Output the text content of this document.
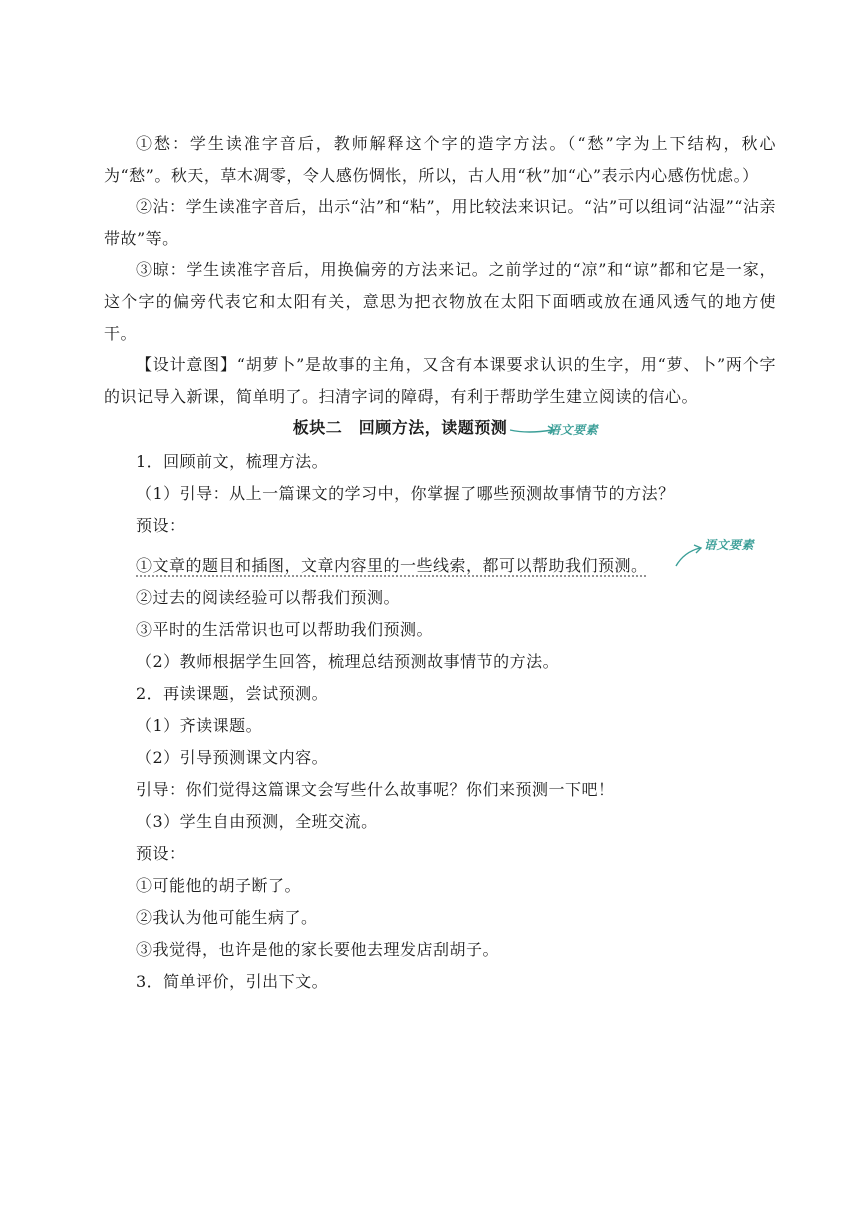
①愁：学生读准字音后，教师解释这个字的造字方法。（“愁”字为上下结构，秋心为“愁”。秋天，草木凋零，令人感伤惆怅，所以，古人用“秋”加“心”表示内心感伤忧虑。）

②沾：学生读准字音后，出示“沾”和“粘”，用比较法来识记。“沾”可以组词“沾湿”“沾亲带故”等。

③晾：学生读准字音后，用换偏旁的方法来记。之前学过的“凉”和“谅”都和它是一家，这个字的偏旁代表它和太阳有关，意思为把衣物放在太阳下面晒或放在通风透气的地方使干。

【设计意图】“胡萝卜”是故事的主角，又含有本课要求认识的生字，用“萝、卜”两个字的识记导入新课，简单明了。扫清字词的障碍，有利于帮助学生建立阅读的信心。

板块二　回顾方法，读题预测	语文要素

1．回顾前文，梳理方法。

（1）引导：从上一篇课文的学习中，你掌握了哪些预测故事情节的方法？

预设：

①文章的题目和插图，文章内容里的一些线索，都可以帮助我们预测。

语文要素

②过去的阅读经验可以帮我们预测。

③平时的生活常识也可以帮助我们预测。

（2）教师根据学生回答，梳理总结预测故事情节的方法。

2．再读课题，尝试预测。

（1）齐读课题。

（2）引导预测课文内容。

引导：你们觉得这篇课文会写些什么故事呢？你们来预测一下吧！

（3）学生自由预测，全班交流。

预设：

①可能他的胡子断了。

②我认为他可能生病了。

③我觉得，也许是他的家长要他去理发店刮胡子。

3．简单评价，引出下文。
